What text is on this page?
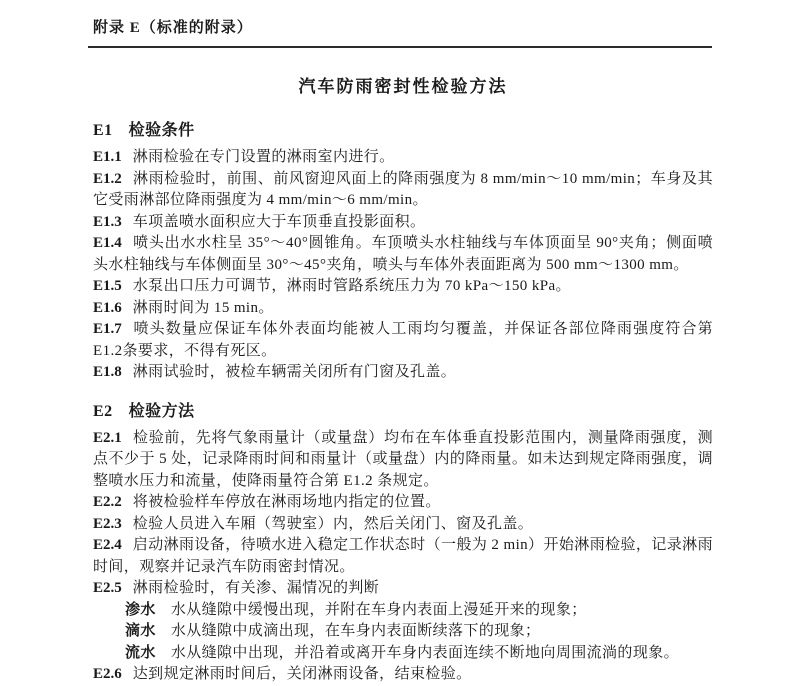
附录 E（标准的附录）
汽车防雨密封性检验方法
E1 检验条件

E1.1 淋雨检验在专门设置的淋雨室内进行。

E1.2 淋雨检验时，前围、前风窗迎风面上的降雨强度为 8 mm/min～10 mm/min；车身及其它受雨淋部位降雨强度为 4 mm/min～6 mm/min。

E1.3 车项盖喷水面积应大于车顶垂直投影面积。

E1.4 喷头出水水柱呈 35°～40°圆锥角。车顶喷头水柱轴线与车体顶面呈 90°夹角；侧面喷头水柱轴线与车体侧面呈 30°～45°夹角，喷头与车体外表面距离为 500 mm～1300 mm。

E1.5 水泵出口压力可调节，淋雨时管路系统压力为 70 kPa～150 kPa。

E1.6 淋雨时间为 15 min。

E1.7 喷头数量应保证车体外表面均能被人工雨均匀覆盖，并保证各部位降雨强度符合第E1.2条要求，不得有死区。

E1.8 淋雨试验时，被检车辆需关闭所有门窗及孔盖。

E2 检验方法

E2.1 检验前，先将气象雨量计（或量盘）均布在车体垂直投影范围内，测量降雨强度，测点不少于 5 处，记录降雨时间和雨量计（或量盘）内的降雨量。如未达到规定降雨强度，调整喷水压力和流量，使降雨量符合第 E1.2 条规定。

E2.2 将被检验样车停放在淋雨场地内指定的位置。

E2.3 检验人员进入车厢（驾驶室）内，然后关闭门、窗及孔盖。

E2.4 启动淋雨设备，待喷水进入稳定工作状态时（一般为 2 min）开始淋雨检验，记录淋雨时间，观察并记录汽车防雨密封情况。

E2.5 淋雨检验时，有关渗、漏情况的判断

渗水 水从缝隙中缓慢出现，并附在车身内表面上漫延开来的现象；

滴水 水从缝隙中成滴出现，在车身内表面断续落下的现象；

流水 水从缝隙中出现，并沿着或离开车身内表面连续不断地向周围流淌的现象。

E2.6 达到规定淋雨时间后，关闭淋雨设备，结束检验。
